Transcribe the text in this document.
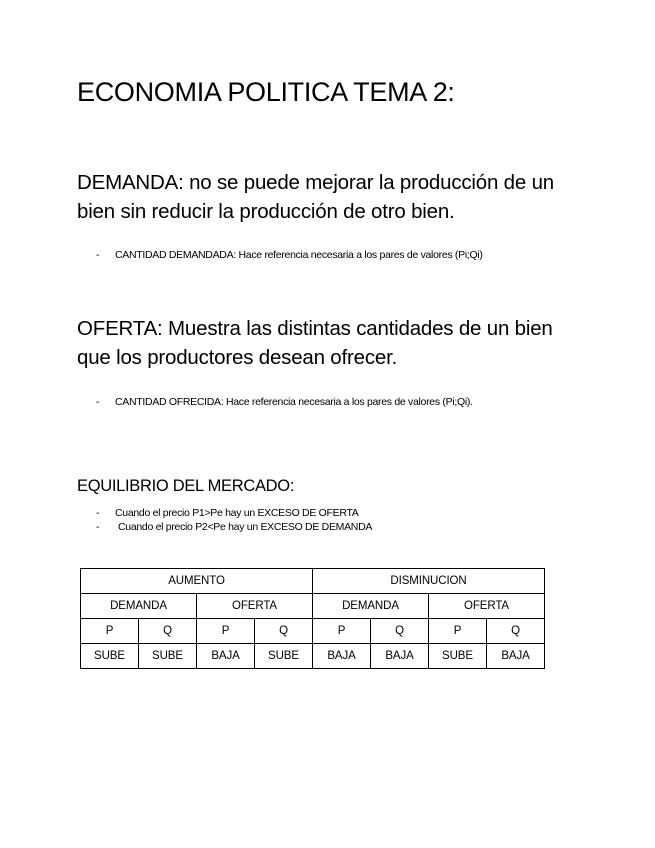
ECONOMIA POLITICA TEMA 2:
DEMANDA: no se puede mejorar la producción de un bien sin reducir la producción de otro bien.
- CANTIDAD DEMANDADA: Hace referencia necesaria a los pares de valores (Pi;Qi)
OFERTA: Muestra las distintas cantidades de un bien que los productores desean ofrecer.
- CANTIDAD OFRECIDA: Hace referencia necesaria a los pares de valores (Pi;Qi).
EQUILIBRIO DEL MERCADO:
- Cuando el precio P1>Pe hay un EXCESO DE OFERTA
- Cuando el precio P2<Pe hay un EXCESO DE DEMANDA
AUMENTO				DISMINUCION			
DEMANDA		OFERTA		DEMANDA		OFERTA	
P	Q	P	Q	P	Q	P	Q
SUBE	SUBE	BAJA	SUBE	BAJA	BAJA	SUBE	BAJA
